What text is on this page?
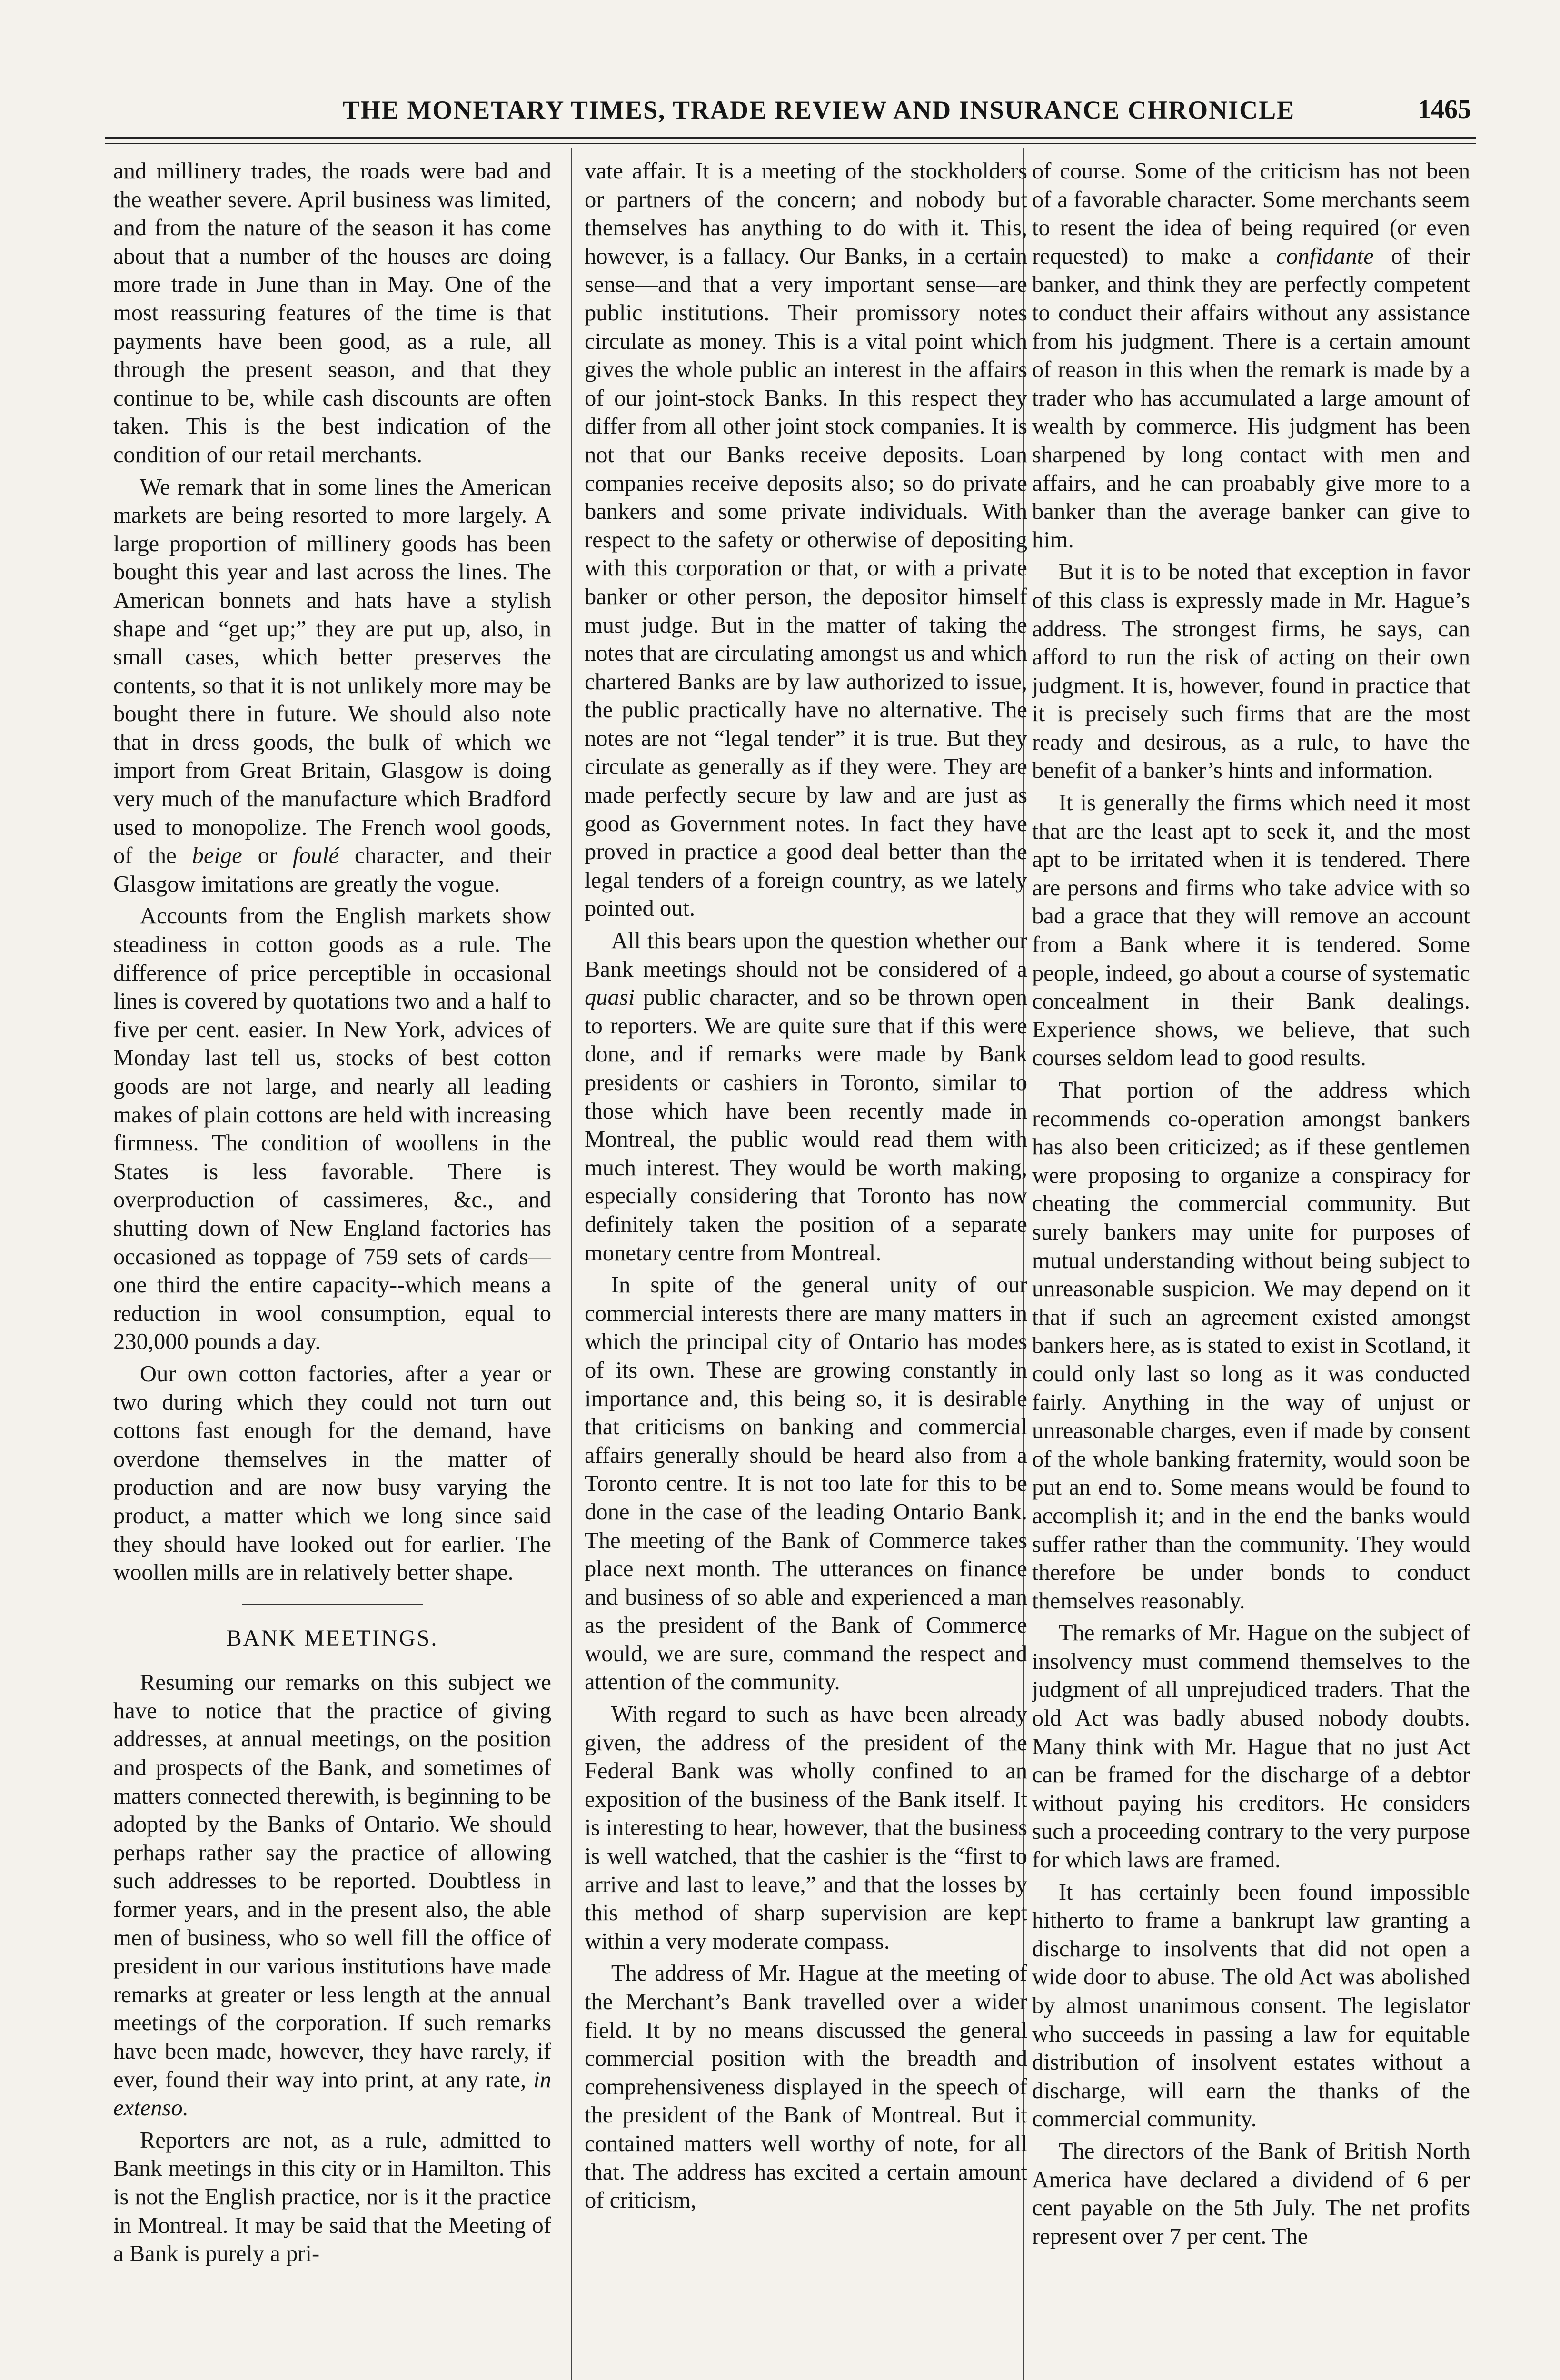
THE MONETARY TIMES, TRADE REVIEW AND INSURANCE CHRONICLE	1465

and millinery trades, the roads were bad and the weather severe. April business was limited, and from the nature of the season it has come about that a number of the houses are doing more trade in June than in May. One of the most reassuring features of the time is that payments have been good, as a rule, all through the present season, and that they continue to be, while cash discounts are often taken. This is the best indication of the condition of our retail merchants.

We remark that in some lines the American markets are being resorted to more largely. A large proportion of millinery goods has been bought this year and last across the lines. The American bonnets and hats have a stylish shape and “get up;” they are put up, also, in small cases, which better preserves the contents, so that it is not unlikely more may be bought there in future. We should also note that in dress goods, the bulk of which we import from Great Britain, Glasgow is doing very much of the manufacture which Bradford used to monopolize. The French wool goods, of the beige or foulé character, and their Glasgow imitations are greatly the vogue.

Accounts from the English markets show steadiness in cotton goods as a rule. The difference of price perceptible in occasional lines is covered by quotations two and a half to five per cent. easier. In New York, advices of Monday last tell us, stocks of best cotton goods are not large, and nearly all leading makes of plain cottons are held with increasing firmness. The condition of woollens in the States is less favorable. There is overproduction of cassimeres, &c., and shutting down of New England factories has occasioned as toppage of 759 sets of cards—one third the entire capacity--which means a reduction in wool consumption, equal to 230,000 pounds a day.

Our own cotton factories, after a year or two during which they could not turn out cottons fast enough for the demand, have overdone themselves in the matter of production and are now busy varying the product, a matter which we long since said they should have looked out for earlier. The woollen mills are in relatively better shape.

BANK MEETINGS.

Resuming our remarks on this subject we have to notice that the practice of giving addresses, at annual meetings, on the position and prospects of the Bank, and sometimes of matters connected therewith, is beginning to be adopted by the Banks of Ontario. We should perhaps rather say the practice of allowing such addresses to be reported. Doubtless in former years, and in the present also, the able men of business, who so well fill the office of president in our various institutions have made remarks at greater or less length at the annual meetings of the corporation. If such remarks have been made, however, they have rarely, if ever, found their way into print, at any rate, in extenso.

Reporters are not, as a rule, admitted to Bank meetings in this city or in Hamilton. This is not the English practice, nor is it the practice in Montreal. It may be said that the Meeting of a Bank is purely a pri-

vate affair. It is a meeting of the stockholders or partners of the concern; and nobody but themselves has anything to do with it. This, however, is a fallacy. Our Banks, in a certain sense—and that a very important sense—are public institutions. Their promissory notes circulate as money. This is a vital point which gives the whole public an interest in the affairs of our joint-stock Banks. In this respect they differ from all other joint stock companies. It is not that our Banks receive deposits. Loan companies receive deposits also; so do private bankers and some private individuals. With respect to the safety or otherwise of depositing with this corporation or that, or with a private banker or other person, the depositor himself must judge. But in the matter of taking the notes that are circulating amongst us and which chartered Banks are by law authorized to issue, the public practically have no alternative. The notes are not “legal tender” it is true. But they circulate as generally as if they were. They are made perfectly secure by law and are just as good as Government notes. In fact they have proved in practice a good deal better than the legal tenders of a foreign country, as we lately pointed out.

All this bears upon the question whether our Bank meetings should not be considered of a quasi public character, and so be thrown open to reporters. We are quite sure that if this were done, and if remarks were made by Bank presidents or cashiers in Toronto, similar to those which have been recently made in Montreal, the public would read them with much interest. They would be worth making, especially considering that Toronto has now definitely taken the position of a separate monetary centre from Montreal.

In spite of the general unity of our commercial interests there are many matters in which the principal city of Ontario has modes of its own. These are growing constantly in importance and, this being so, it is desirable that criticisms on banking and commercial affairs generally should be heard also from a Toronto centre. It is not too late for this to be done in the case of the leading Ontario Bank. The meeting of the Bank of Commerce takes place next month. The utterances on finance and business of so able and experienced a man as the president of the Bank of Commerce would, we are sure, command the respect and attention of the community.

With regard to such as have been already given, the address of the president of the Federal Bank was wholly confined to an exposition of the business of the Bank itself. It is interesting to hear, however, that the business is well watched, that the cashier is the “first to arrive and last to leave,” and that the losses by this method of sharp supervision are kept within a very moderate compass.

The address of Mr. Hague at the meeting of the Merchant’s Bank travelled over a wider field. It by no means discussed the general commercial position with the breadth and comprehensiveness displayed in the speech of the president of the Bank of Montreal. But it contained matters well worthy of note, for all that. The address has excited a certain amount of criticism,

of course. Some of the criticism has not been of a favorable character. Some merchants seem to resent the idea of being required (or even requested) to make a confidante of their banker, and think they are perfectly competent to conduct their affairs without any assistance from his judgment. There is a certain amount of reason in this when the remark is made by a trader who has accumulated a large amount of wealth by commerce. His judgment has been sharpened by long contact with men and affairs, and he can proabably give more to a banker than the average banker can give to him.

But it is to be noted that exception in favor of this class is expressly made in Mr. Hague’s address. The strongest firms, he says, can afford to run the risk of acting on their own judgment. It is, however, found in practice that it is precisely such firms that are the most ready and desirous, as a rule, to have the benefit of a banker’s hints and information.

It is generally the firms which need it most that are the least apt to seek it, and the most apt to be irritated when it is tendered. There are persons and firms who take advice with so bad a grace that they will remove an account from a Bank where it is tendered. Some people, indeed, go about a course of systematic concealment in their Bank dealings. Experience shows, we believe, that such courses seldom lead to good results.

That portion of the address which recommends co-operation amongst bankers has also been criticized; as if these gentlemen were proposing to organize a conspiracy for cheating the commercial community. But surely bankers may unite for purposes of mutual understanding without being subject to unreasonable suspicion. We may depend on it that if such an agreement existed amongst bankers here, as is stated to exist in Scotland, it could only last so long as it was conducted fairly. Anything in the way of unjust or unreasonable charges, even if made by consent of the whole banking fraternity, would soon be put an end to. Some means would be found to accomplish it; and in the end the banks would suffer rather than the community. They would therefore be under bonds to conduct themselves reasonably.

The remarks of Mr. Hague on the subject of insolvency must commend themselves to the judgment of all unprejudiced traders. That the old Act was badly abused nobody doubts. Many think with Mr. Hague that no just Act can be framed for the discharge of a debtor without paying his creditors. He considers such a proceeding contrary to the very purpose for which laws are framed.

It has certainly been found impossible hitherto to frame a bankrupt law granting a discharge to insolvents that did not open a wide door to abuse. The old Act was abolished by almost unanimous consent. The legislator who succeeds in passing a law for equitable distribution of insolvent estates without a discharge, will earn the thanks of the commercial community.

The directors of the Bank of British North America have declared a dividend of 6 per cent payable on the 5th July. The net profits represent over 7 per cent. The
